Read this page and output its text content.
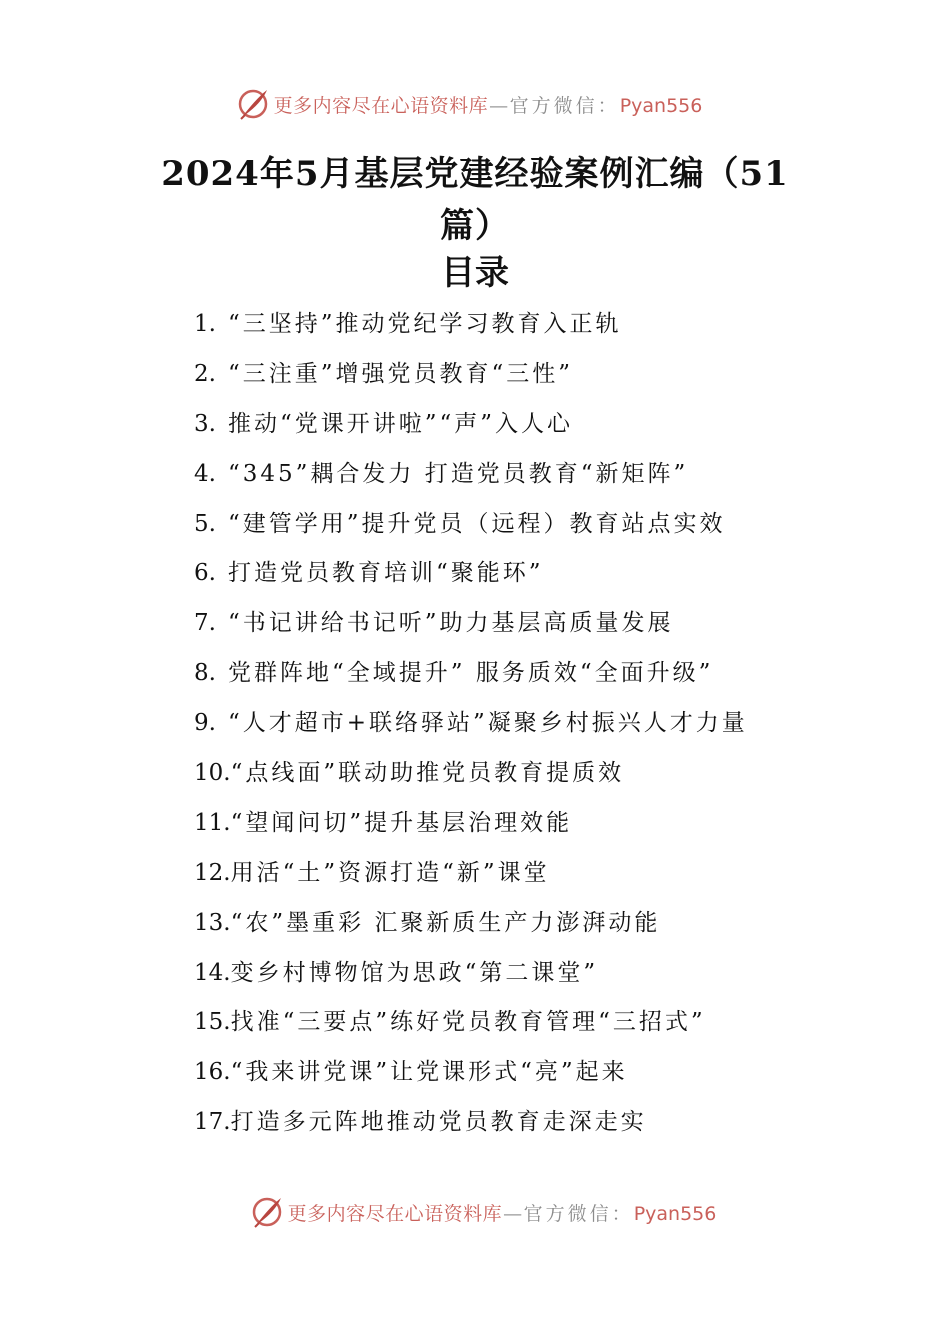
更多内容尽在心语资料库—官方微信：Pyan556
2024年5月基层党建经验案例汇编（51篇）
目录
1. “三坚持”推动党纪学习教育入正轨
2. “三注重”增强党员教育“三性”
3. 推动“党课开讲啦”“声”入人心
4. “345”耦合发力 打造党员教育“新矩阵”
5. “建管学用”提升党员（远程）教育站点实效
6. 打造党员教育培训“聚能环”
7. “书记讲给书记听”助力基层高质量发展
8. 党群阵地“全域提升” 服务质效“全面升级”
9. “人才超市+联络驿站”凝聚乡村振兴人才力量
10.“点线面”联动助推党员教育提质效
11.“望闻问切”提升基层治理效能
12.用活“土”资源打造“新”课堂
13.“农”墨重彩 汇聚新质生产力澎湃动能
14.变乡村博物馆为思政“第二课堂”
15.找准“三要点”练好党员教育管理“三招式”
16.“我来讲党课”让党课形式“亮”起来
17.打造多元阵地推动党员教育走深走实
更多内容尽在心语资料库—官方微信：Pyan556
